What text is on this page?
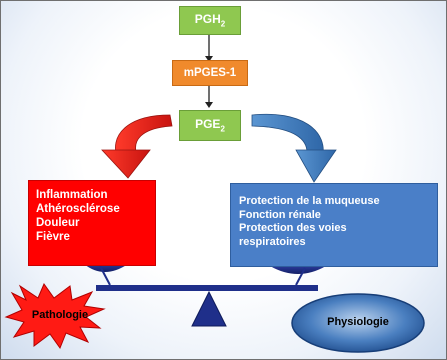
$PGH_2$
mPGES-1
$PGE_2$
Inflammation
Athérosclérose
Douleur
Fièvre
Protection de la muqueuse
Fonction rénale
Protection des voies
respiratoires
Pathologie
Physiologie
